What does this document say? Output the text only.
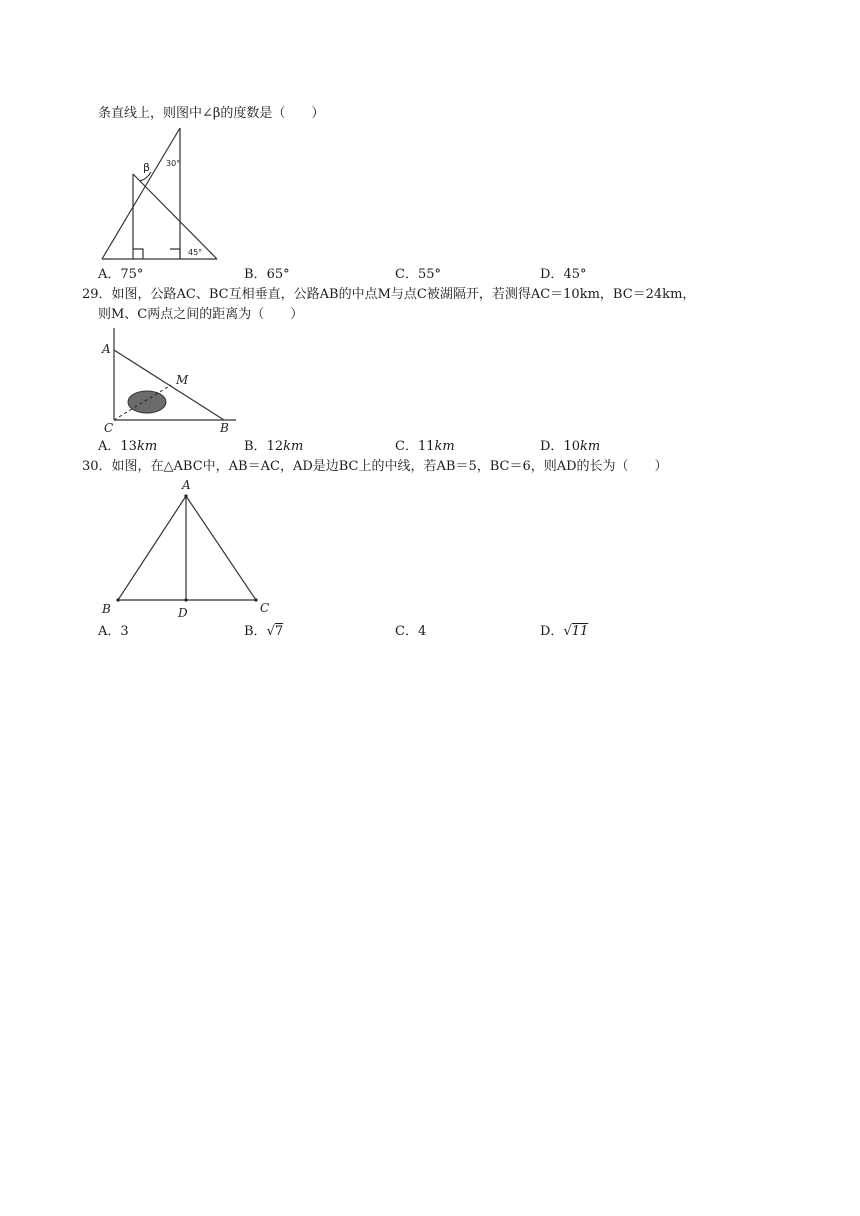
条直线上，则图中∠β的度数是（　　）
β 30°
45°
A．75°	B．65°	C．55°	D．45°
29．如图，公路AC、BC互相垂直，公路AB的中点M与点C被湖隔开，若测得AC＝10km，BC＝24km，
则M、C两点之间的距离为（　　）
A
C	B
M
A．13km	B．12km	C．11km	D．10km
30．如图，在△ABC中，AB＝AC，AD是边BC上的中线，若AB＝5，BC＝6，则AD的长为（　　）
A
B	D	C
A．3	B．√7	C．4	D．√11
